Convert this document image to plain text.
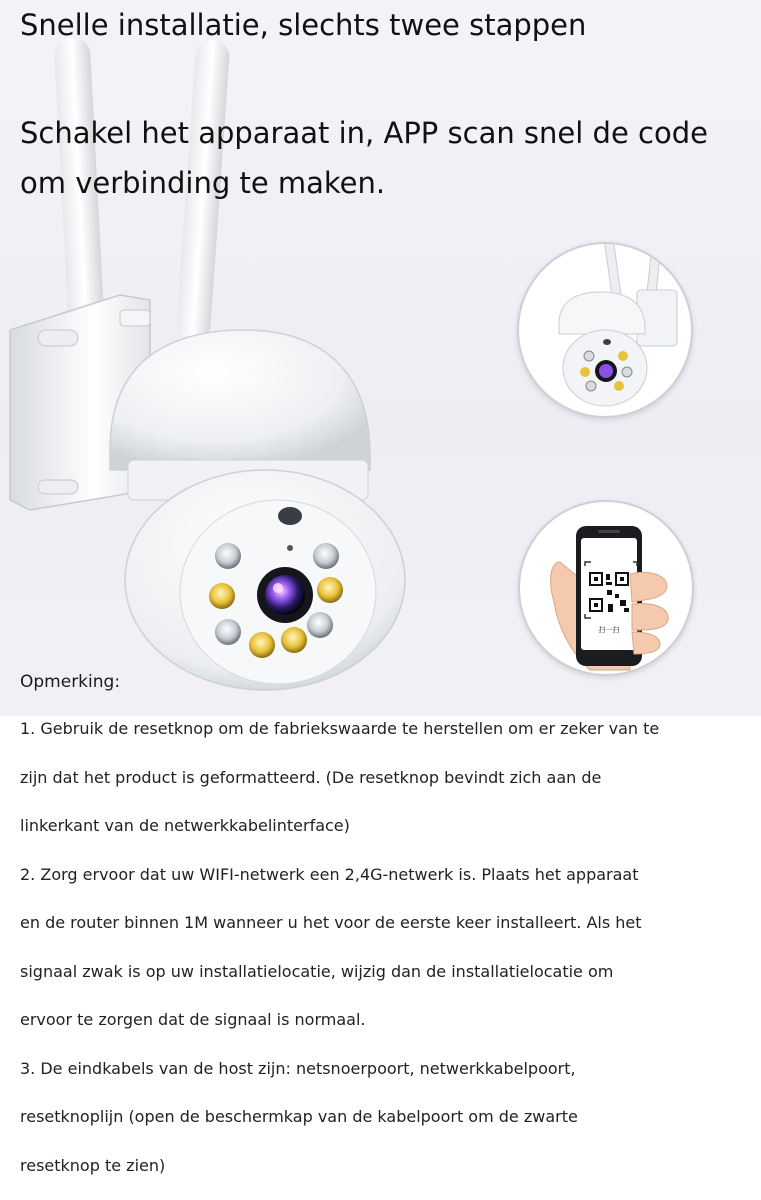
Snelle installatie, slechts twee stappen
Schakel het apparaat in, APP scan snel de code om verbinding te maken.
扫一扫

Opmerking:

1. Gebruik de resetknop om de fabriekswaarde te herstellen om er zeker van te
zijn dat het product is geformatteerd. (De resetknop bevindt zich aan de
linkerkant van de netwerkkabelinterface)
2. Zorg ervoor dat uw WIFI-netwerk een 2,4G-netwerk is. Plaats het apparaat
en de router binnen 1M wanneer u het voor de eerste keer installeert. Als het
signaal zwak is op uw installatielocatie, wijzig dan de installatielocatie om
ervoor te zorgen dat de signaal is normaal.
3. De eindkabels van de host zijn: netsnoerpoort, netwerkkabelpoort,
resetknoplijn (open de beschermkap van de kabelpoort om de zwarte
resetknop te zien)
